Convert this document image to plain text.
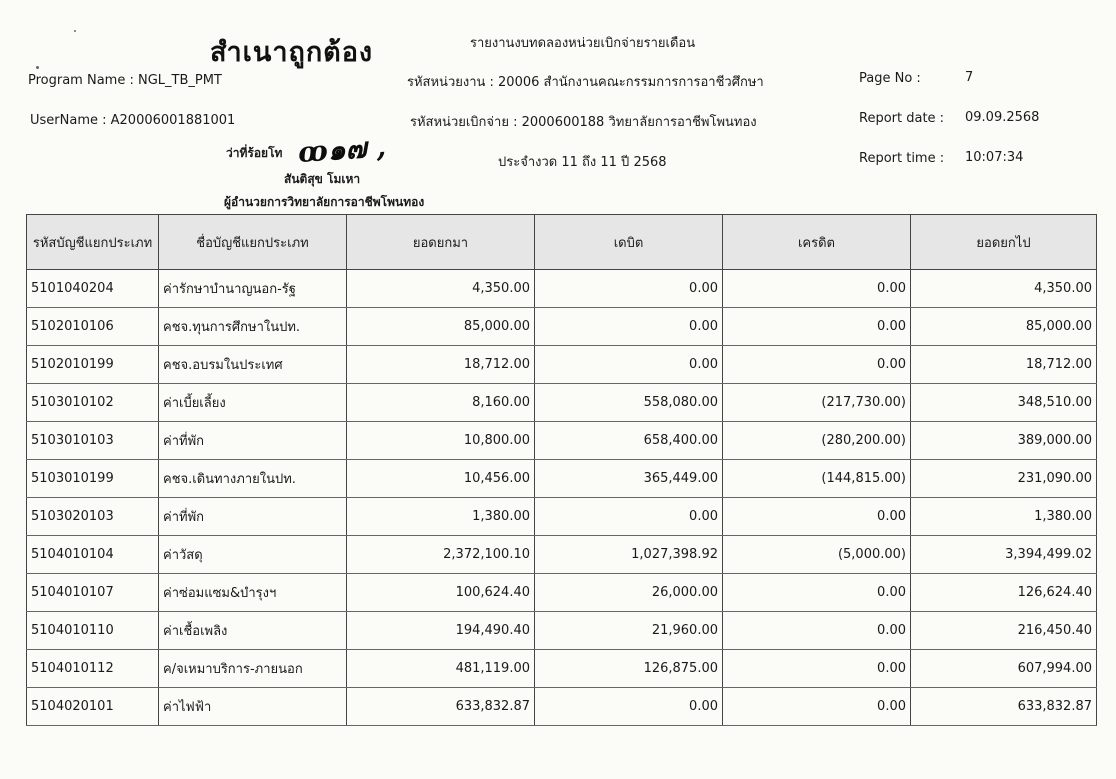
สำเนาถูกต้อง	รายงานงบทดลองหน่วยเบิกจ่ายรายเดือน
Program Name : NGL_TB_PMT
UserName : A20006001881001
รหัสหน่วยงาน : 20006 สำนักงานคณะกรรมการการอาชีวศึกษา
รหัสหน่วยเบิกจ่าย : 2000600188 วิทยาลัยการอาชีพโพนทอง
ประจำงวด 11 ถึง 11 ปี 2568
Page No :	7
Report date : 09.09.2568
Report time : 10:07:34
ว่าที่ร้อยโท ꝏ๑๗ ,
สันติสุข โมเหา
ผู้อำนวยการวิทยาลัยการอาชีพโพนทอง
รหัสบัญชีแยกประเภท	ชื่อบัญชีแยกประเภท	ยอดยกมา	เดบิต	เครดิต	ยอดยกไป
5101040204	ค่ารักษาบำนาญนอก-รัฐ	4,350.00	0.00	0.00	4,350.00
5102010106	คชจ.ทุนการศึกษาในปท.	85,000.00	0.00	0.00	85,000.00
5102010199	คชจ.อบรมในประเทศ	18,712.00	0.00	0.00	18,712.00
5103010102	ค่าเบี้ยเลี้ยง	8,160.00	558,080.00	(217,730.00)	348,510.00
5103010103	ค่าที่พัก	10,800.00	658,400.00	(280,200.00)	389,000.00
5103010199	คชจ.เดินทางภายในปท.	10,456.00	365,449.00	(144,815.00)	231,090.00
5103020103	ค่าที่พัก	1,380.00	0.00	0.00	1,380.00
5104010104	ค่าวัสดุ	2,372,100.10	1,027,398.92	(5,000.00)	3,394,499.02
5104010107	ค่าซ่อมแซม&บำรุงฯ	100,624.40	26,000.00	0.00	126,624.40
5104010110	ค่าเชื้อเพลิง	194,490.40	21,960.00	0.00	216,450.40
5104010112	ค/จเหมาบริการ-ภายนอก	481,119.00	126,875.00	0.00	607,994.00
5104020101	ค่าไฟฟ้า	633,832.87	0.00	0.00	633,832.87
